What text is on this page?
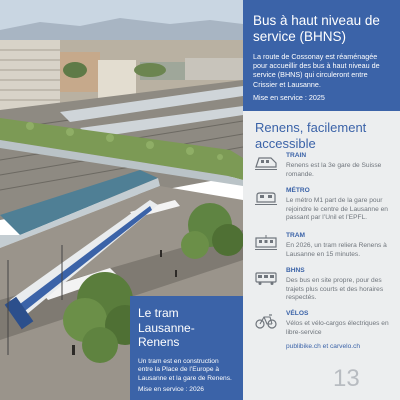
Bus à haut niveau de service (BHNS)
La route de Cossonay est réaménagée pour accueillir des bus à haut niveau de service (BHNS) qui circuleront entre Crissier et Lausanne.
Mise en service : 2025
Renens, facilement accessible
TRAIN
Renens est la 3e gare de Suisse romande.
MÉTRO
Le métro M1 part de la gare pour rejoindre le centre de Lausanne en passant par l’Unil et l’EPFL.
TRAM
En 2026, un tram reliera Renens à Lausanne en 15 minutes.
BHNS
Des bus en site propre, pour des trajets plus courts et des horaires respectés.
VÉLOS
Vélos et vélo-cargos électriques en libre-service
publibike.ch et carvelo.ch
13
Le tram Lausanne-Renens
Un tram est en construction entre la Place de l’Europe à Lausanne et la gare de Renens.
Mise en service : 2026
